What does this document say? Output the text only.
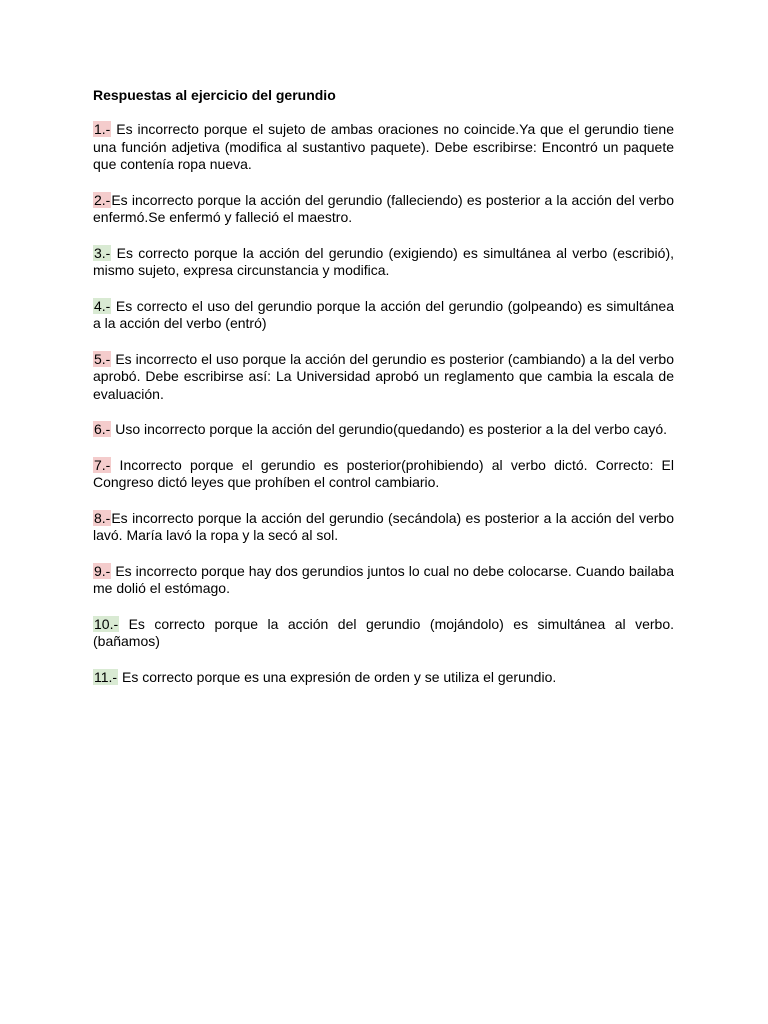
Respuestas al ejercicio del gerundio

1.- Es incorrecto porque el sujeto de ambas oraciones no coincide.Ya que el gerundio tiene una función adjetiva (modifica al sustantivo paquete). Debe escribirse: Encontró un paquete que contenía ropa nueva.

2.-Es incorrecto porque la acción del gerundio (falleciendo) es posterior a la acción del verbo enfermó.Se enfermó y falleció el maestro.

3.- Es correcto porque la acción del gerundio (exigiendo) es simultánea al verbo (escribió), mismo sujeto, expresa circunstancia y modifica.

4.- Es correcto el uso del gerundio porque la acción del gerundio (golpeando) es simultánea a la acción del verbo (entró)

5.- Es incorrecto el uso porque la acción del gerundio es posterior (cambiando) a la del verbo aprobó. Debe escribirse así: La Universidad aprobó un reglamento que cambia la escala de evaluación.

6.- Uso incorrecto porque la acción del gerundio(quedando) es posterior a la del verbo cayó.

7.- Incorrecto porque el gerundio es posterior(prohibiendo) al verbo dictó. Correcto: El Congreso dictó leyes que prohíben el control cambiario.

8.-Es incorrecto porque la acción del gerundio (secándola) es posterior a la acción del verbo lavó. María lavó la ropa y la secó al sol.

9.- Es incorrecto porque hay dos gerundios juntos lo cual no debe colocarse. Cuando bailaba me dolió el estómago.

10.- Es correcto porque la acción del gerundio (mojándolo) es simultánea al verbo. (bañamos)

11.- Es correcto porque es una expresión de orden y se utiliza el gerundio.
